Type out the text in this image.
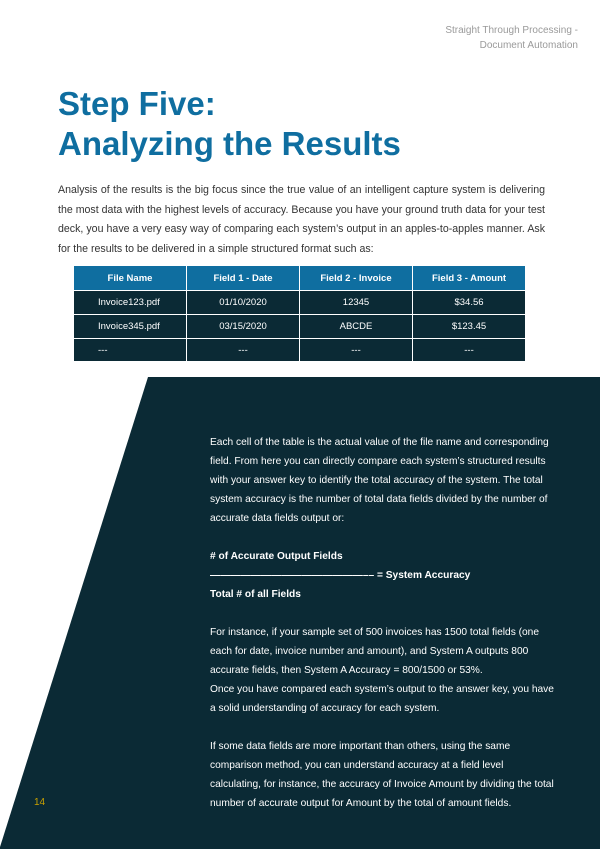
Straight Through Processing -
Document Automation
Step Five:
Analyzing the Results

Analysis of the results is the big focus since the true value of an intelligent capture system is delivering the most data with the highest levels of accuracy. Because you have your ground truth data for your test deck, you have a very easy way of comparing each system’s output in an apples-to-apples manner. Ask for the results to be delivered in a simple structured format such as:

File Name	Field 1 - Date	Field 2 - Invoice	Field 3 - Amount
Invoice123.pdf	01/10/2020	12345	$34.56
Invoice345.pdf	03/15/2020	ABCDE	$123.45
---	---	---	---

Each cell of the table is the actual value of the file name and corresponding field. From here you can directly compare each system’s structured results with your answer key to identify the total accuracy of the system. The total system accuracy is the number of total data fields divided by the number of accurate data fields output or:

# of Accurate Output Fields

———————————————–– = System Accuracy

Total # of all Fields

For instance, if your sample set of 500 invoices has 1500 total fields (one each for date, invoice number and amount), and System A outputs 800 accurate fields, then System A Accuracy = 800/1500 or 53%.

Once you have compared each system’s output to the answer key, you have a solid understanding of accuracy for each system.

If some data fields are more important than others, using the same comparison method, you can understand accuracy at a field level calculating, for instance, the accuracy of Invoice Amount by dividing the total number of accurate output for Amount by the total of amount fields.

14
